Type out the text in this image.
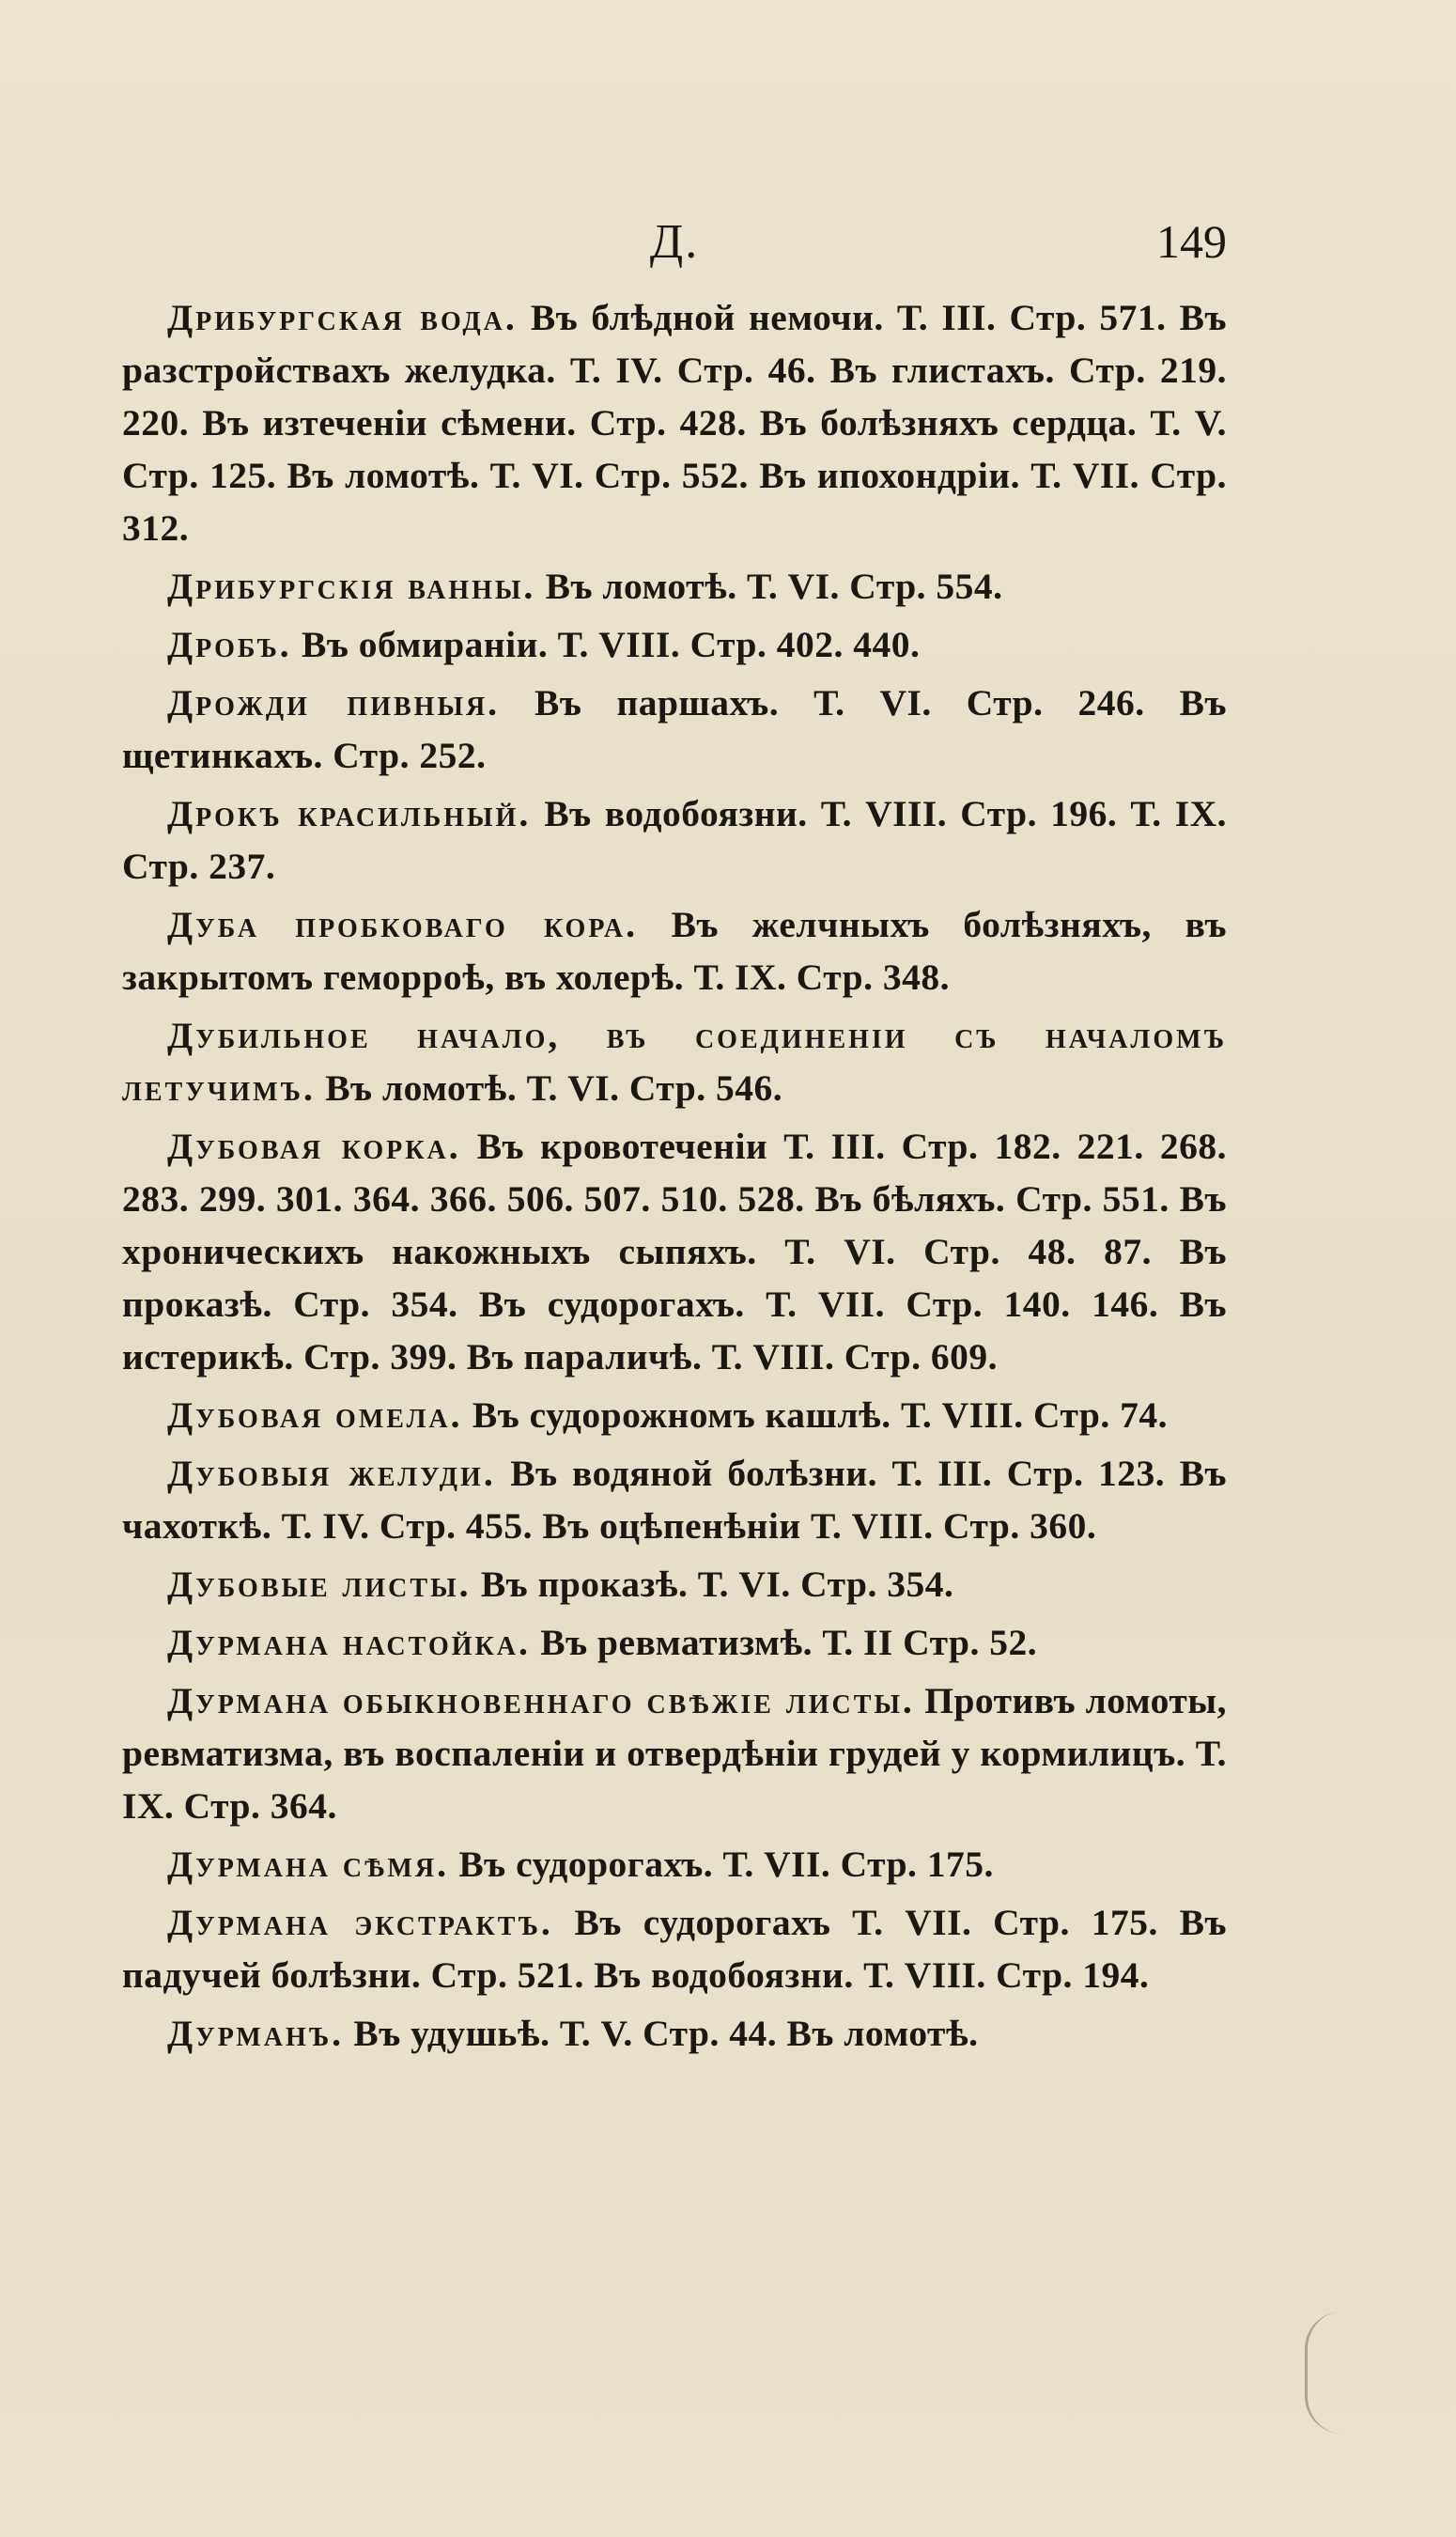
Д.	149

Дрибургская вода. Въ блѣдной немочи. Т. III. Стр. 571. Въ разстройствахъ желудка. Т. IV. Стр. 46. Въ глистахъ. Стр. 219. 220. Въ изтеченіи сѣмени. Стр. 428. Въ болѣзняхъ сердца. Т. V. Стр. 125. Въ ломотѣ. Т. VI. Стр. 552. Въ ипохондріи. Т. VII. Стр. 312.

Дрибургскія ванны. Въ ломотѣ. Т. VI. Стр. 554.

Дробъ. Въ обмираніи. Т. VIII. Стр. 402. 440.

Дрожди пивныя. Въ паршахъ. Т. VI. Стр. 246. Въ щетинкахъ. Стр. 252.

Дрокъ красильный. Въ водобоязни. Т. VIII. Стр. 196. Т. IX. Стр. 237.

Дуба пробковаго кора. Въ желчныхъ болѣзняхъ, въ закрытомъ геморроѣ, въ холерѣ. Т. IX. Стр. 348.

Дубильное начало, въ соединеніи съ началомъ летучимъ. Въ ломотѣ. Т. VI. Стр. 546.

Дубовая корка. Въ кровотеченіи Т. III. Стр. 182. 221. 268. 283. 299. 301. 364. 366. 506. 507. 510. 528. Въ бѣляхъ. Стр. 551. Въ хроническихъ накожныхъ сыпяхъ. Т. VI. Стр. 48. 87. Въ проказѣ. Стр. 354. Въ судорогахъ. Т. VII. Стр. 140. 146. Въ истерикѣ. Стр. 399. Въ параличѣ. Т. VIII. Стр. 609.

Дубовая омела. Въ судорожномъ кашлѣ. Т. VIII. Стр. 74.

Дубовыя желуди. Въ водяной болѣзни. Т. III. Стр. 123. Въ чахоткѣ. Т. IV. Стр. 455. Въ оцѣпенѣніи Т. VIII. Стр. 360.

Дубовые листы. Въ проказѣ. Т. VI. Стр. 354.

Дурмана настойка. Въ ревматизмѣ. Т. II Стр. 52.

Дурмана обыкновеннаго свѣжіе листы. Противъ ломоты, ревматизма, въ воспаленіи и отвердѣніи грудей у кормилицъ. Т. IX. Стр. 364.

Дурмана сѣмя. Въ судорогахъ. Т. VII. Стр. 175.

Дурмана экстрактъ. Въ судорогахъ Т. VII. Стр. 175. Въ падучей болѣзни. Стр. 521. Въ водобоязни. Т. VIII. Стр. 194.

Дурманъ. Въ удушьѣ. Т. V. Стр. 44. Въ ломотѣ.
